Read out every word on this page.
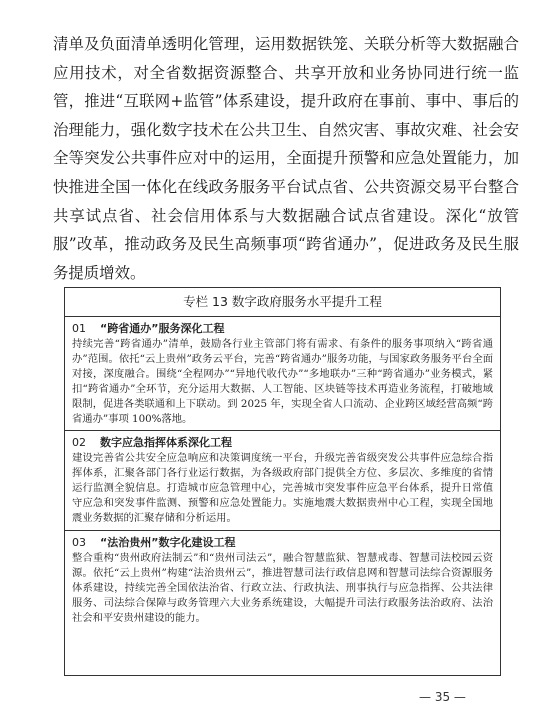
清单及负面清单透明化管理，运用数据铁笼、关联分析等大数据融合应用技术，对全省数据资源整合、共享开放和业务协同进行统一监管，推进“互联网+监管”体系建设，提升政府在事前、事中、事后的治理能力，强化数字技术在公共卫生、自然灾害、事故灾难、社会安全等突发公共事件应对中的运用，全面提升预警和应急处置能力，加快推进全国一体化在线政务服务平台试点省、公共资源交易平台整合共享试点省、社会信用体系与大数据融合试点省建设。深化“放管服”改革，推动政务及民生高频事项“跨省通办”，促进政务及民生服务提质增效。

专栏 13 数字政府服务水平提升工程
01 “跨省通办”服务深化工程

持续完善“跨省通办”清单，鼓励各行业主管部门将有需求、有条件的服务事项纳入“跨省通办”范围。依托“云上贵州”政务云平台，完善“跨省通办”服务功能，与国家政务服务平台全面对接，深度融合。围绕“全程网办”“异地代收代办”“多地联办”三种“跨省通办”业务模式，紧扣“跨省通办”全环节，充分运用大数据、人工智能、区块链等技术再造业务流程，打破地域限制，促进各类联通和上下联动。到 2025 年，实现全省人口流动、企业跨区域经营高频“跨省通办”事项 100%落地。

02 数字应急指挥体系深化工程

建设完善省公共安全应急响应和决策调度统一平台，升级完善省级突发公共事件应急综合指挥体系，汇聚各部门各行业运行数据，为各级政府部门提供全方位、多层次、多维度的省情运行监测全貌信息。打造城市应急管理中心，完善城市突发事件应急平台体系，提升日常值守应急和突发事件监测、预警和应急处置能力。实施地震大数据贵州中心工程，实现全国地震业务数据的汇聚存储和分析运用。

03 “法治贵州”数字化建设工程

整合重构“贵州政府法制云”和“贵州司法云”，融合智慧监狱、智慧戒毒、智慧司法校园云资源。依托“云上贵州”构建“法治贵州云”，推进智慧司法行政信息网和智慧司法综合资源服务体系建设，持续完善全国依法治省、行政立法、行政执法、刑事执行与应急指挥、公共法律服务、司法综合保障与政务管理六大业务系统建设，大幅提升司法行政服务法治政府、法治社会和平安贵州建设的能力。

— 35 —
